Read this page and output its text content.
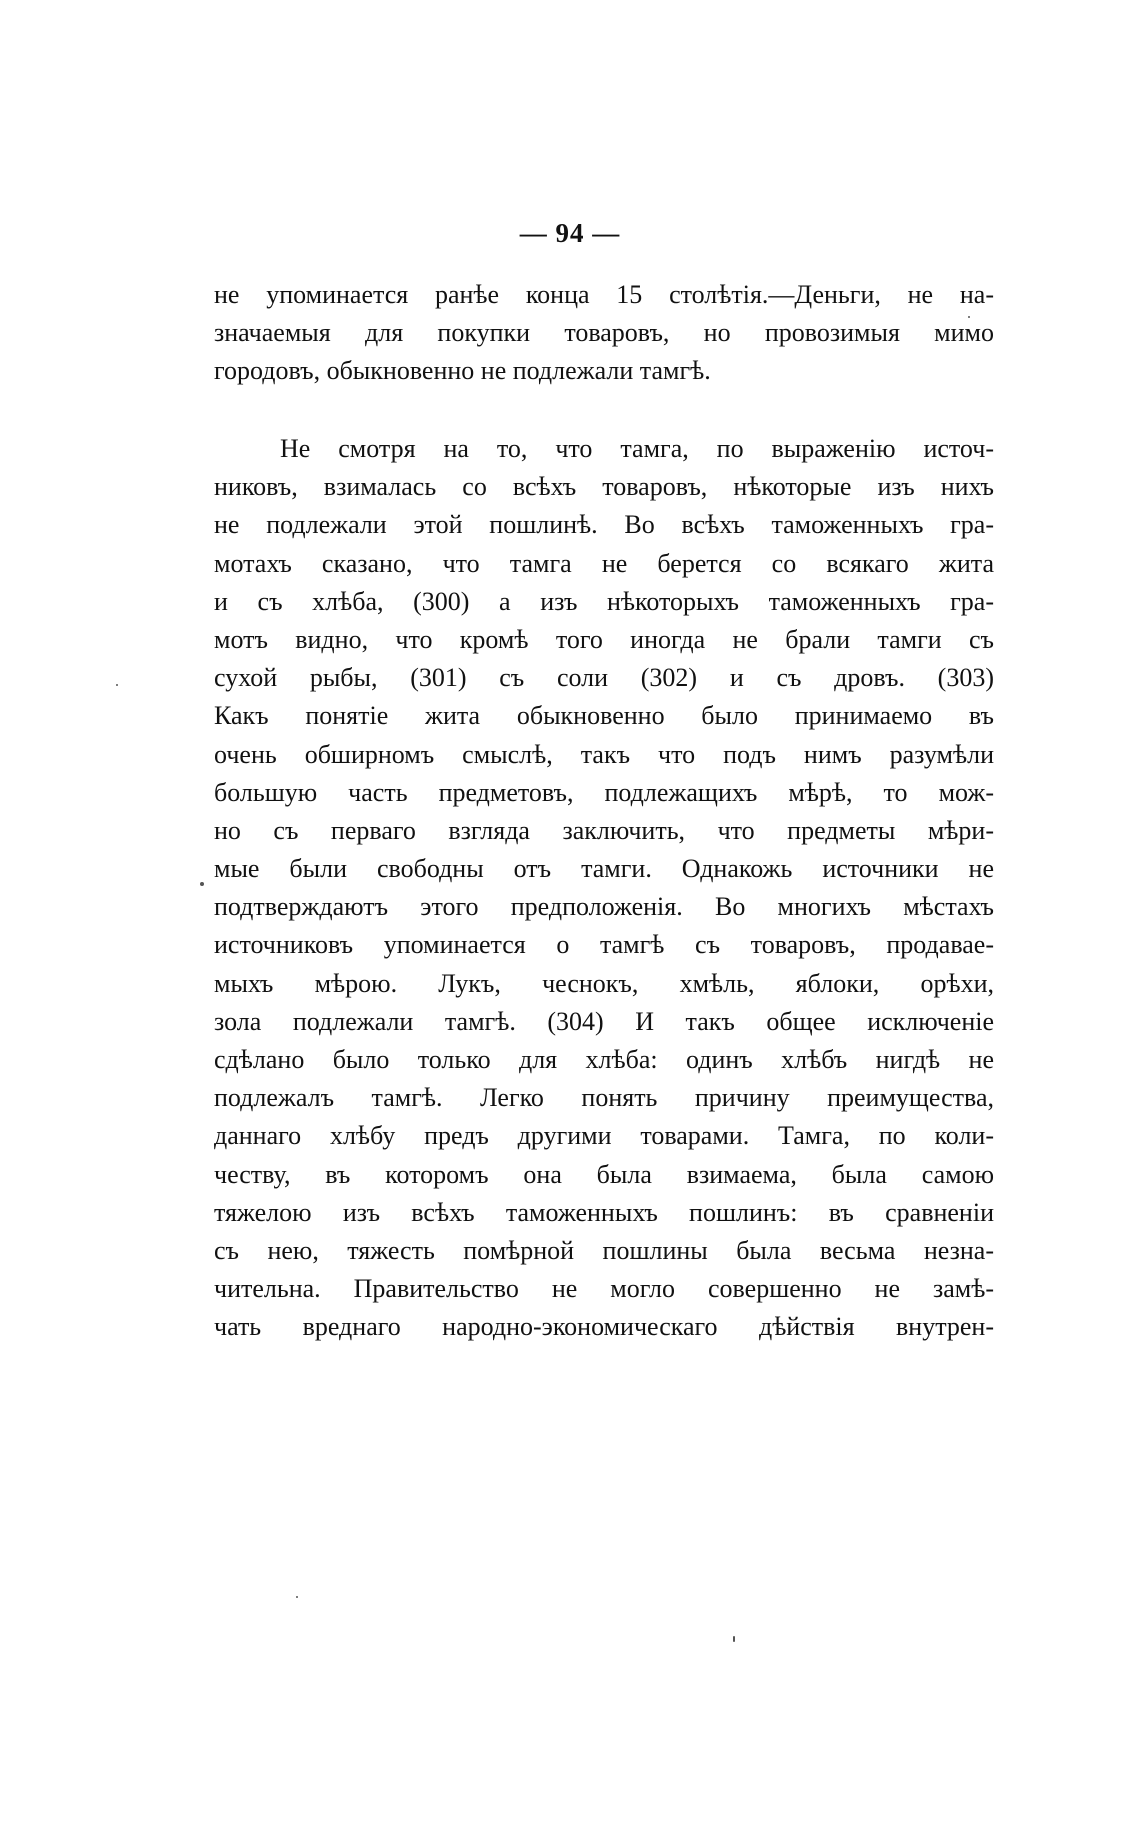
— 94 —
не упоминается ранѣе конца 15 столѣтія.—Деньги, не на-
значаемыя для покупки товаровъ, но провозимыя мимо
городовъ, обыкновенно не подлежали тамгѣ.
Не смотря на то, что тамга, по выраженію источ-
никовъ, взималась со всѣхъ товаровъ, нѣкоторые изъ нихъ
не подлежали этой пошлинѣ. Во всѣхъ таможенныхъ гра-
мотахъ сказано, что тамга не берется со всякаго жита
и съ хлѣба, (300) а изъ нѣкоторыхъ таможенныхъ гра-
мотъ видно, что кромѣ того иногда не брали тамги съ
сухой рыбы, (301) съ соли (302) и съ дровъ. (303)
Какъ понятіе жита обыкновенно было принимаемо въ
очень обширномъ смыслѣ, такъ что подъ нимъ разумѣли
большую часть предметовъ, подлежащихъ мѣрѣ, то мож-
но съ перваго взгляда заключить, что предметы мѣри-
мые были свободны отъ тамги. Однакожь источники не
подтверждаютъ этого предположенія. Во многихъ мѣстахъ
источниковъ упоминается о тамгѣ съ товаровъ, продавае-
мыхъ мѣрою. Лукъ, чеснокъ, хмѣль, яблоки, орѣхи,
зола подлежали тамгѣ. (304) И такъ общее исключеніе
сдѣлано было только для хлѣба: одинъ хлѣбъ нигдѣ не
подлежалъ тамгѣ. Легко понять причину преимущества,
даннаго хлѣбу предъ другими товарами. Тамга, по коли-
честву, въ которомъ она была взимаема, была самою
тяжелою изъ всѣхъ таможенныхъ пошлинъ: въ сравненіи
съ нею, тяжесть помѣрной пошлины была весьма незна-
чительна. Правительство не могло совершенно не замѣ-
чать вреднаго народно-экономическаго дѣйствія внутрен-
